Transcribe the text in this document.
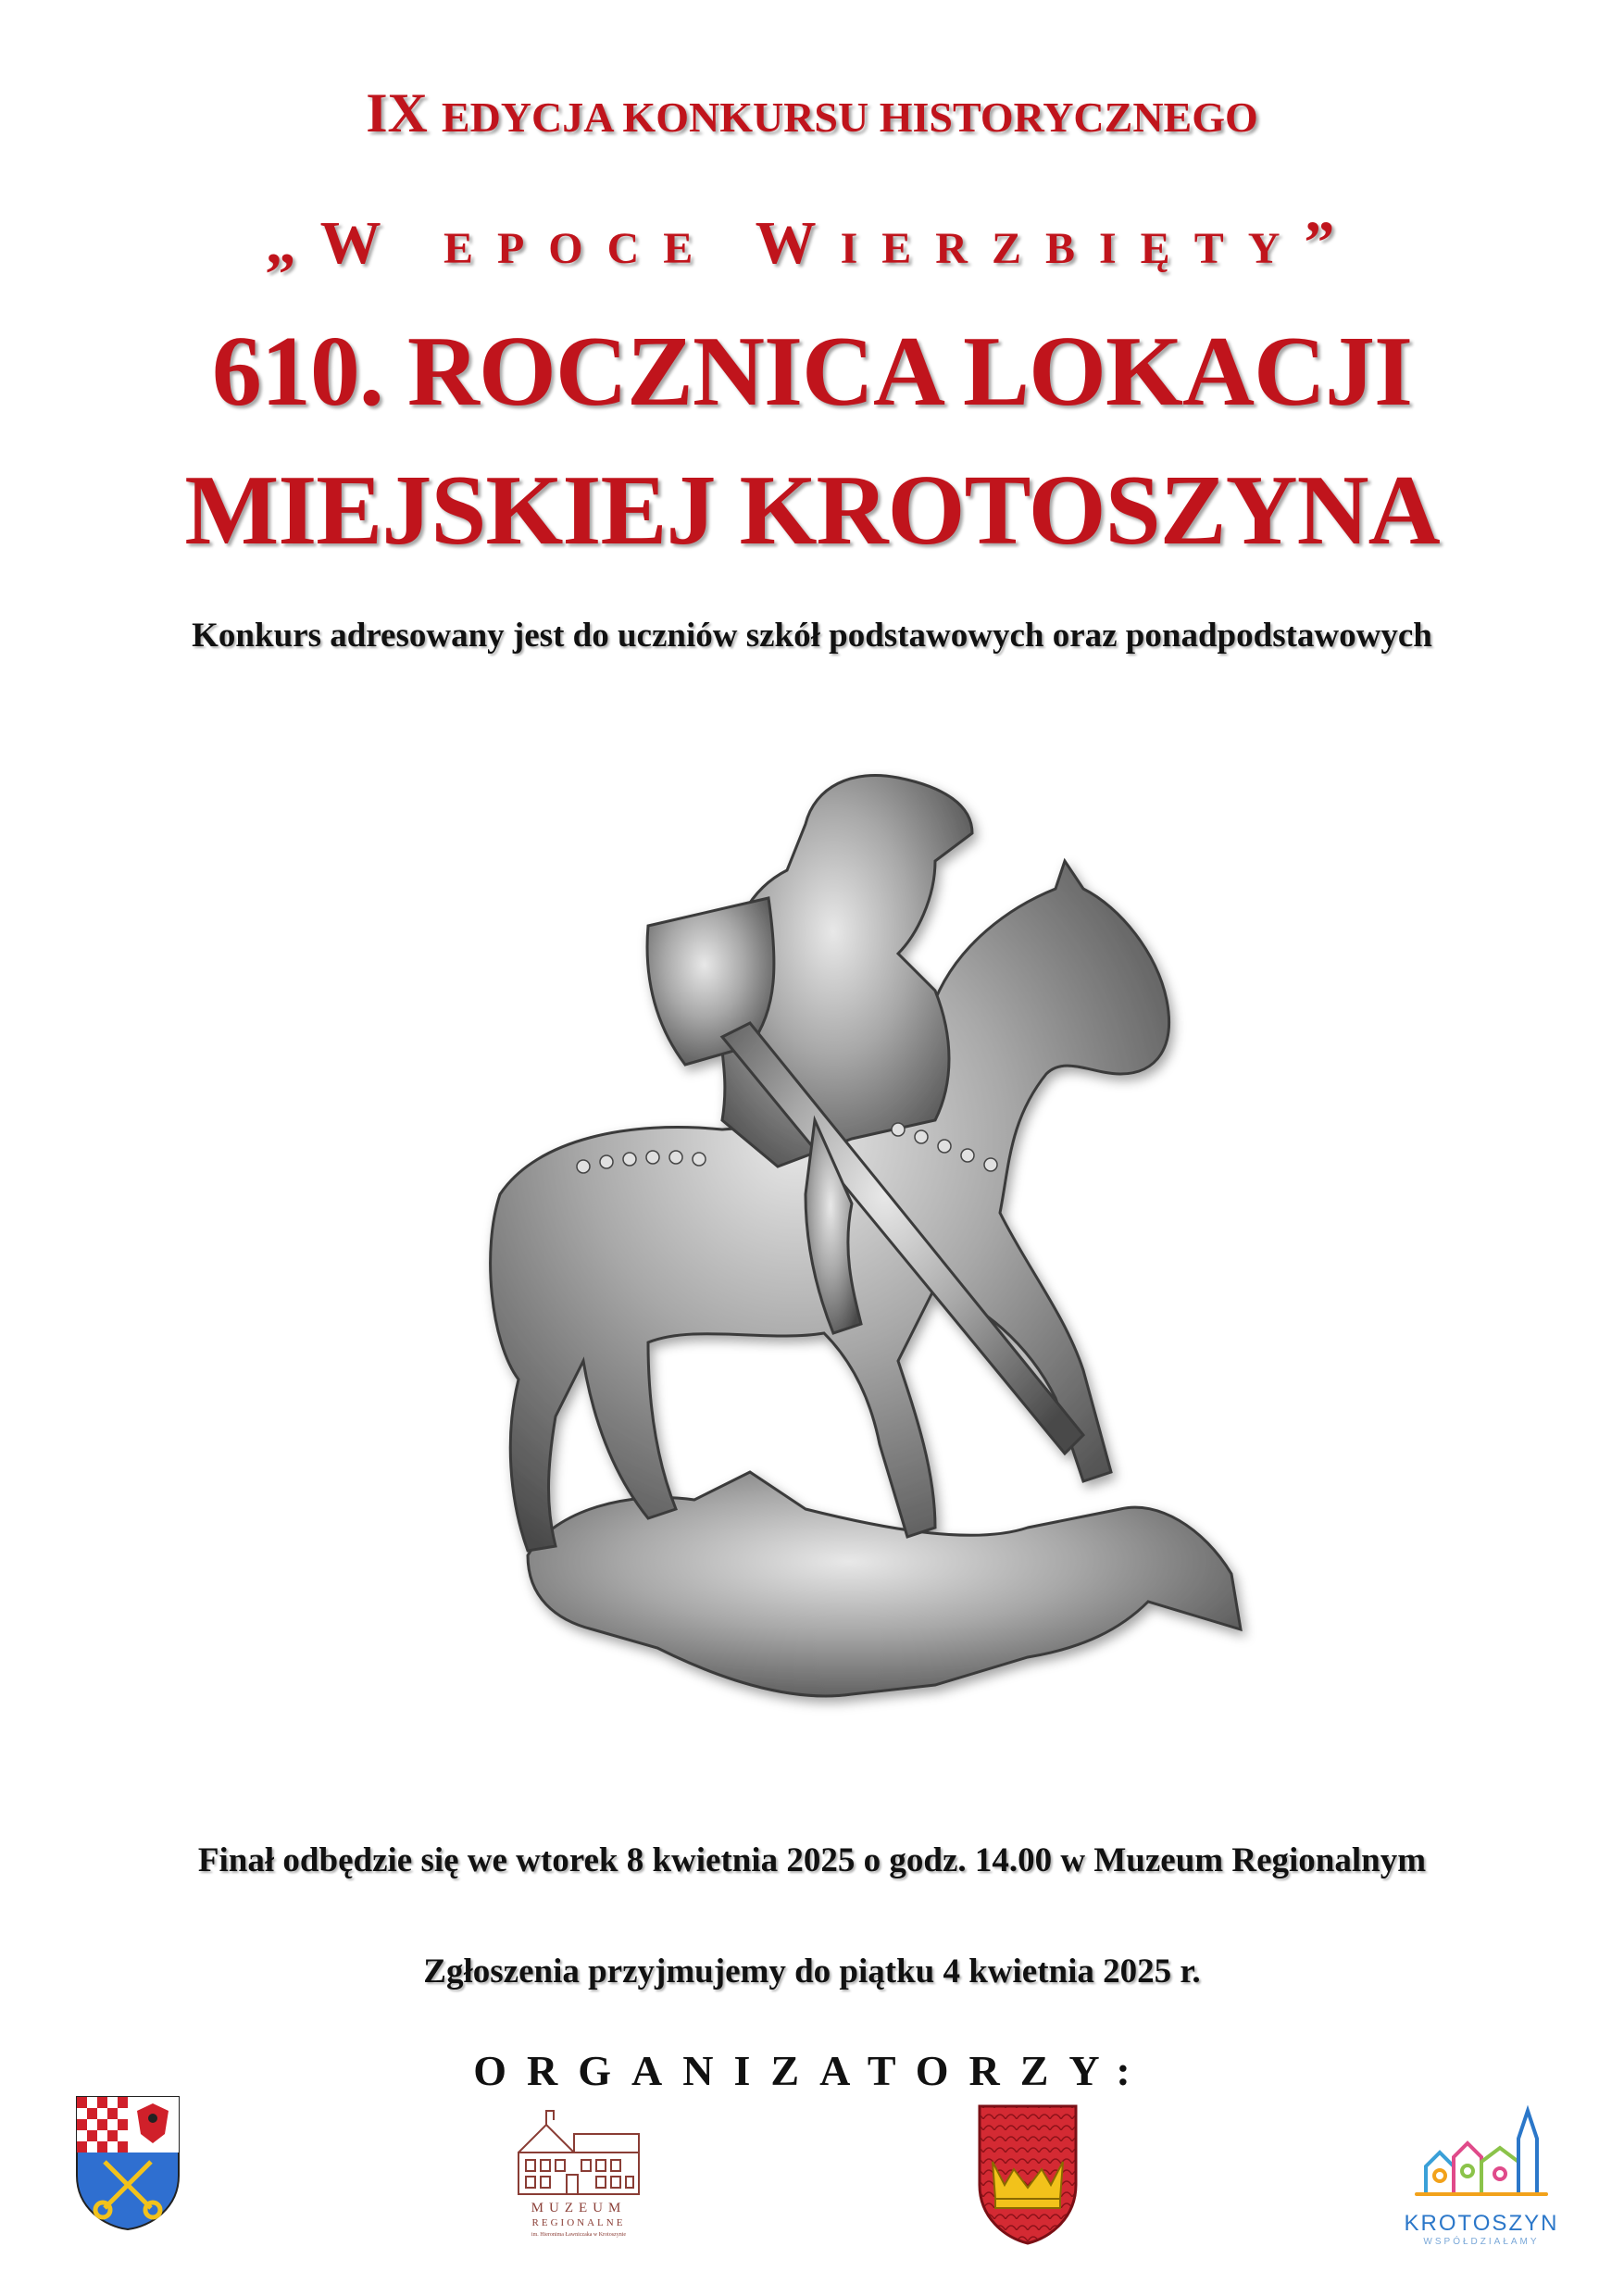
IX EDYCJA KONKURSU HISTORYCZNEGO
„W EPOCE WIERZBIĘTY”
610. ROCZNICA LOKACJI
MIEJSKIEJ KROTOSZYNA
Konkurs adresowany jest do uczniów szkół podstawowych oraz ponadpodstawowych
Finał odbędzie się we wtorek 8 kwietnia 2025 o godz. 14.00 w Muzeum Regionalnym
Zgłoszenia przyjmujemy do piątku 4 kwietnia 2025 r.
ORGANIZATORZY:
MUZEUM
REGIONALNE
im. Hieronima Ławniczaka w Krotoszynie	KROTOSZYN
WSPÓŁDZIAŁAMY
